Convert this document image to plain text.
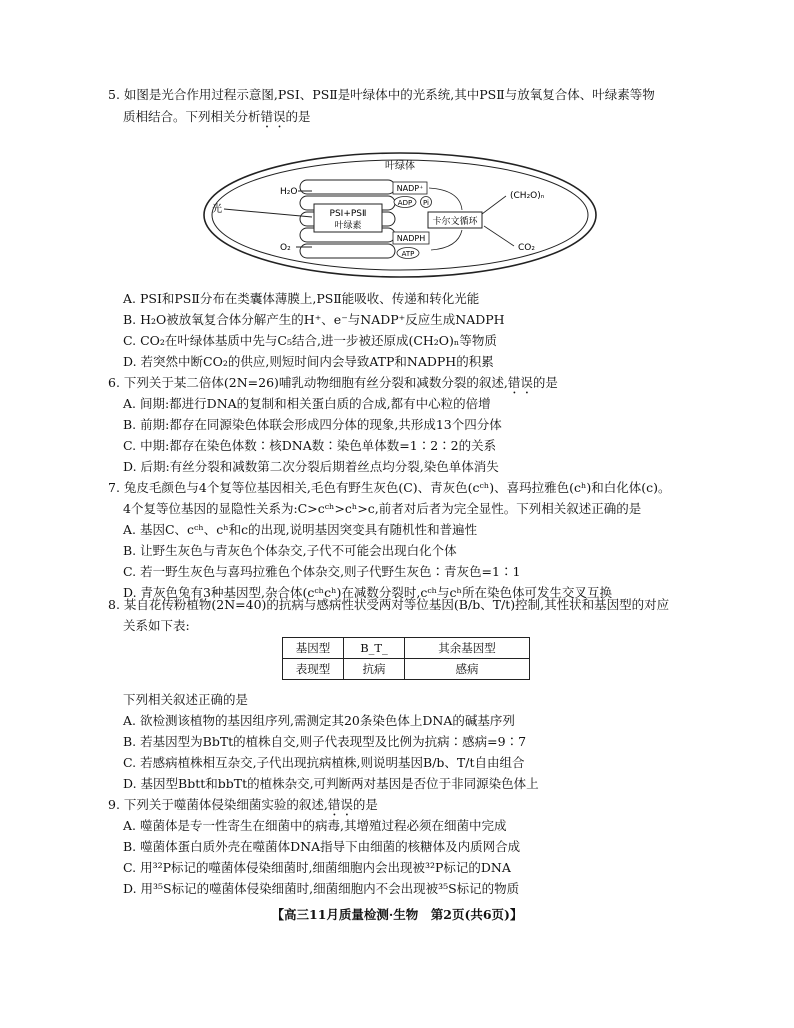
5. 如图是光合作用过程示意图,PSⅠ、PSⅡ是叶绿体中的光系统,其中PSⅡ与放氧复合体、叶绿素等物
质相结合。下列相关分析错误的是
叶绿体
PSⅠ+PSⅡ
叶绿素
光
H₂O
O₂
NADP⁺
ADP Pi
NADPH
ATP
卡尔文循环
(CH₂O)ₙ
CO₂
A. PSⅠ和PSⅡ分布在类囊体薄膜上,PSⅡ能吸收、传递和转化光能
B. H₂O被放氧复合体分解产生的H⁺、e⁻与NADP⁺反应生成NADPH
C. CO₂在叶绿体基质中先与C₅结合,进一步被还原成(CH₂O)ₙ等物质
D. 若突然中断CO₂的供应,则短时间内会导致ATP和NADPH的积累
6. 下列关于某二倍体(2N=26)哺乳动物细胞有丝分裂和减数分裂的叙述,错误的是
A. 间期:都进行DNA的复制和相关蛋白质的合成,都有中心粒的倍增
B. 前期:都存在同源染色体联会形成四分体的现象,共形成13个四分体
C. 中期:都存在染色体数∶核DNA数∶染色单体数=1∶2∶2的关系
D. 后期:有丝分裂和减数第二次分裂后期着丝点均分裂,染色单体消失
7. 兔皮毛颜色与4个复等位基因相关,毛色有野生灰色(C)、青灰色(cᶜʰ)、喜玛拉雅色(cʰ)和白化体(c)。
4个复等位基因的显隐性关系为:C>cᶜʰ>cʰ>c,前者对后者为完全显性。下列相关叙述正确的是
A. 基因C、cᶜʰ、cʰ和c的出现,说明基因突变具有随机性和普遍性
B. 让野生灰色与青灰色个体杂交,子代不可能会出现白化个体
C. 若一野生灰色与喜玛拉雅色个体杂交,则子代野生灰色∶青灰色=1∶1
D. 青灰色兔有3种基因型,杂合体(cᶜʰcʰ)在减数分裂时,cᶜʰ与cʰ所在染色体可发生交叉互换
8. 某自花传粉植物(2N=40)的抗病与感病性状受两对等位基因(B/b、T/t)控制,其性状和基因型的对应
关系如下表:
基因型	B_T_	其余基因型
表现型	抗病	感病
下列相关叙述正确的是
A. 欲检测该植物的基因组序列,需测定其20条染色体上DNA的碱基序列
B. 若基因型为BbTt的植株自交,则子代表现型及比例为抗病∶感病=9∶7
C. 若感病植株相互杂交,子代出现抗病植株,则说明基因B/b、T/t自由组合
D. 基因型Bbtt和bbTt的植株杂交,可判断两对基因是否位于非同源染色体上
9. 下列关于噬菌体侵染细菌实验的叙述,错误的是
A. 噬菌体是专一性寄生在细菌中的病毒,其增殖过程必须在细菌中完成
B. 噬菌体蛋白质外壳在噬菌体DNA指导下由细菌的核糖体及内质网合成
C. 用³²P标记的噬菌体侵染细菌时,细菌细胞内会出现被³²P标记的DNA
D. 用³⁵S标记的噬菌体侵染细菌时,细菌细胞内不会出现被³⁵S标记的物质
【高三11月质量检测·生物　第2页(共6页)】
